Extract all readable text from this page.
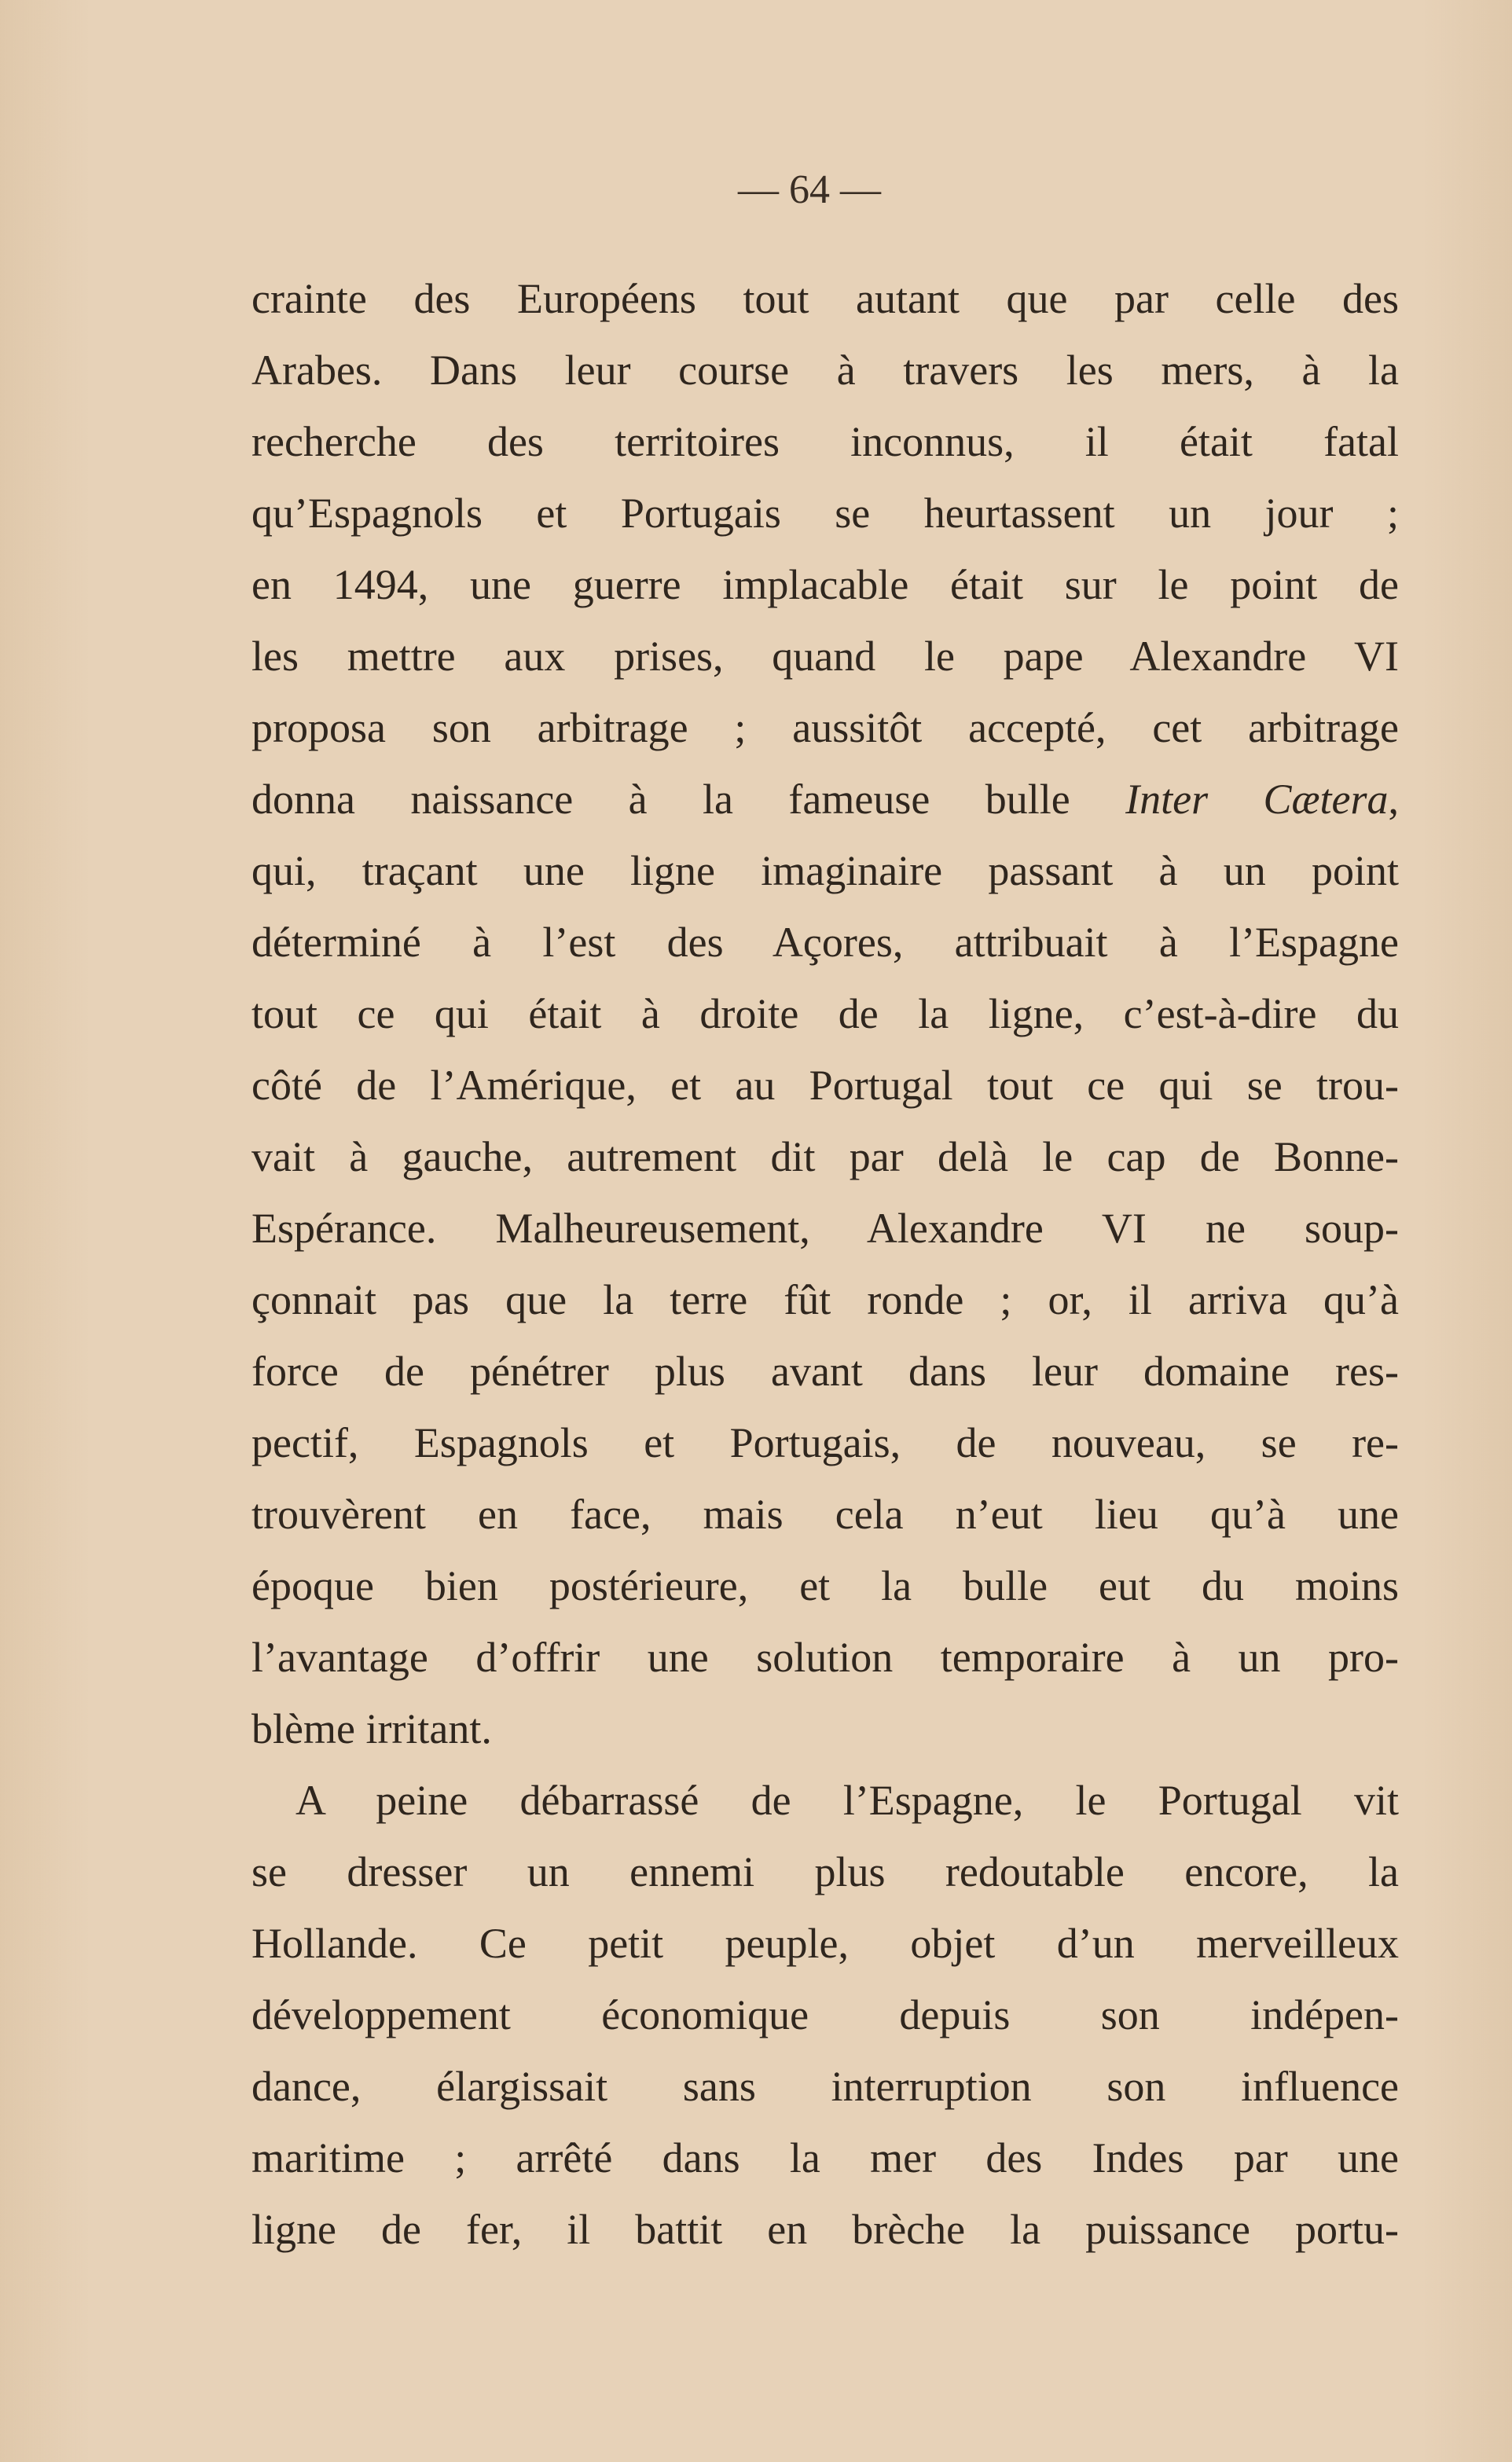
— 64 —
crainte des Européens tout autant que par celle des
Arabes. Dans leur course à travers les mers, à la
recherche des territoires inconnus, il était fatal
qu’Espagnols et Portugais se heurtassent un jour ;
en 1494, une guerre implacable était sur le point de
les mettre aux prises, quand le pape Alexandre VI
proposa son arbitrage ; aussitôt accepté, cet arbitrage
donna naissance à la fameuse bulle Inter Cætera,
qui, traçant une ligne imaginaire passant à un point
déterminé à l’est des Açores, attribuait à l’Espagne
tout ce qui était à droite de la ligne, c’est-à-dire du
côté de l’Amérique, et au Portugal tout ce qui se trou-
vait à gauche, autrement dit par delà le cap de Bonne-
Espérance. Malheureusement, Alexandre VI ne soup-
çonnait pas que la terre fût ronde ; or, il arriva qu’à
force de pénétrer plus avant dans leur domaine res-
pectif, Espagnols et Portugais, de nouveau, se re-
trouvèrent en face, mais cela n’eut lieu qu’à une
époque bien postérieure, et la bulle eut du moins
l’avantage d’offrir une solution temporaire à un pro-
blème irritant.
A peine débarrassé de l’Espagne, le Portugal vit
se dresser un ennemi plus redoutable encore, la
Hollande. Ce petit peuple, objet d’un merveilleux
développement économique depuis son indépen-
dance, élargissait sans interruption son influence
maritime ; arrêté dans la mer des Indes par une
ligne de fer, il battit en brèche la puissance portu-
